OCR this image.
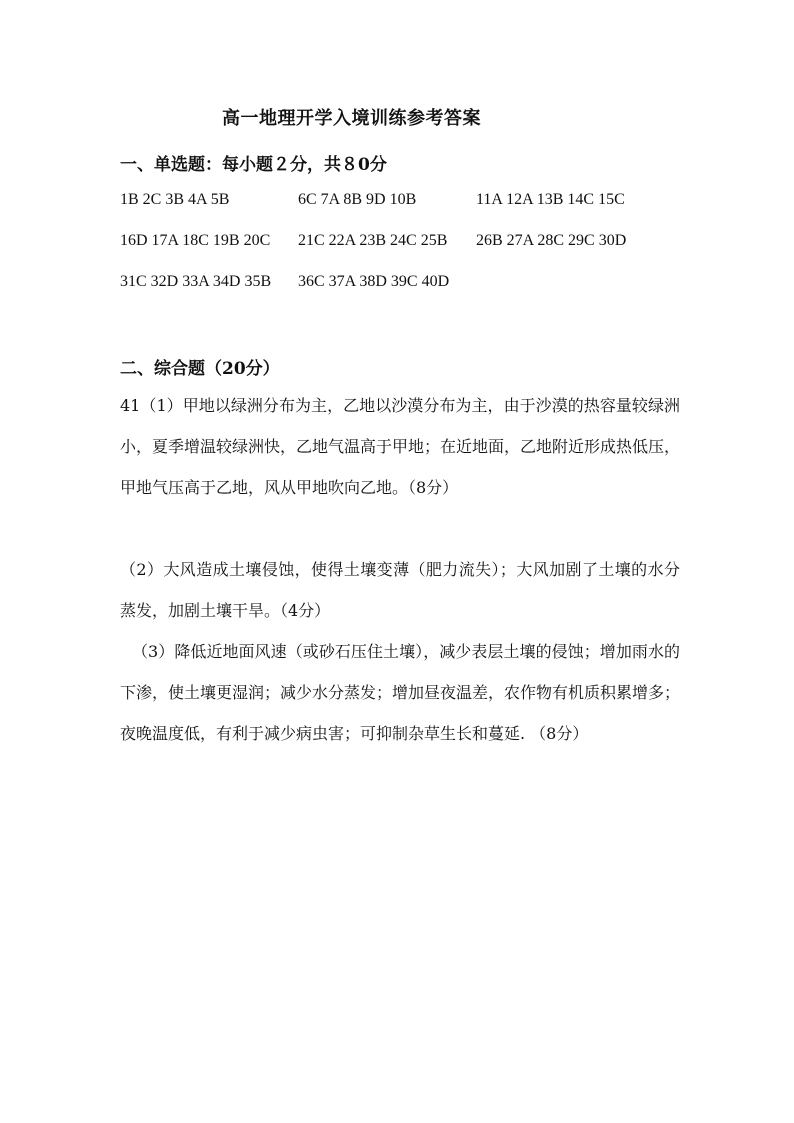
高一地理开学入境训练参考答案
一、单选题：每小题２分，共８0分
1B 2C 3B 4A 5B	6C 7A 8B 9D 10B	11A 12A 13B 14C 15C
16D 17A 18C 19B 20C 21C 22A 23B 24C 25B 26B 27A 28C 29C 30D
31C 32D 33A 34D 35B 36C 37A 38D 39C 40D
二、综合题（20分）
41（1）甲地以绿洲分布为主，乙地以沙漠分布为主，由于沙漠的热容量较绿洲小，夏季增温较绿洲快，乙地气温高于甲地；在近地面，乙地附近形成热低压，甲地气压高于乙地，风从甲地吹向乙地。（8分）
（2）大风造成土壤侵蚀，使得土壤变薄（肥力流失）；大风加剧了土壤的水分蒸发，加剧土壤干旱。（4分）
（3）降低近地面风速（或砂石压住土壤），减少表层土壤的侵蚀；增加雨水的下渗，使土壤更湿润；减少水分蒸发；增加昼夜温差，农作物有机质积累增多；夜晚温度低，有利于减少病虫害；可抑制杂草生长和蔓延. （8分）
